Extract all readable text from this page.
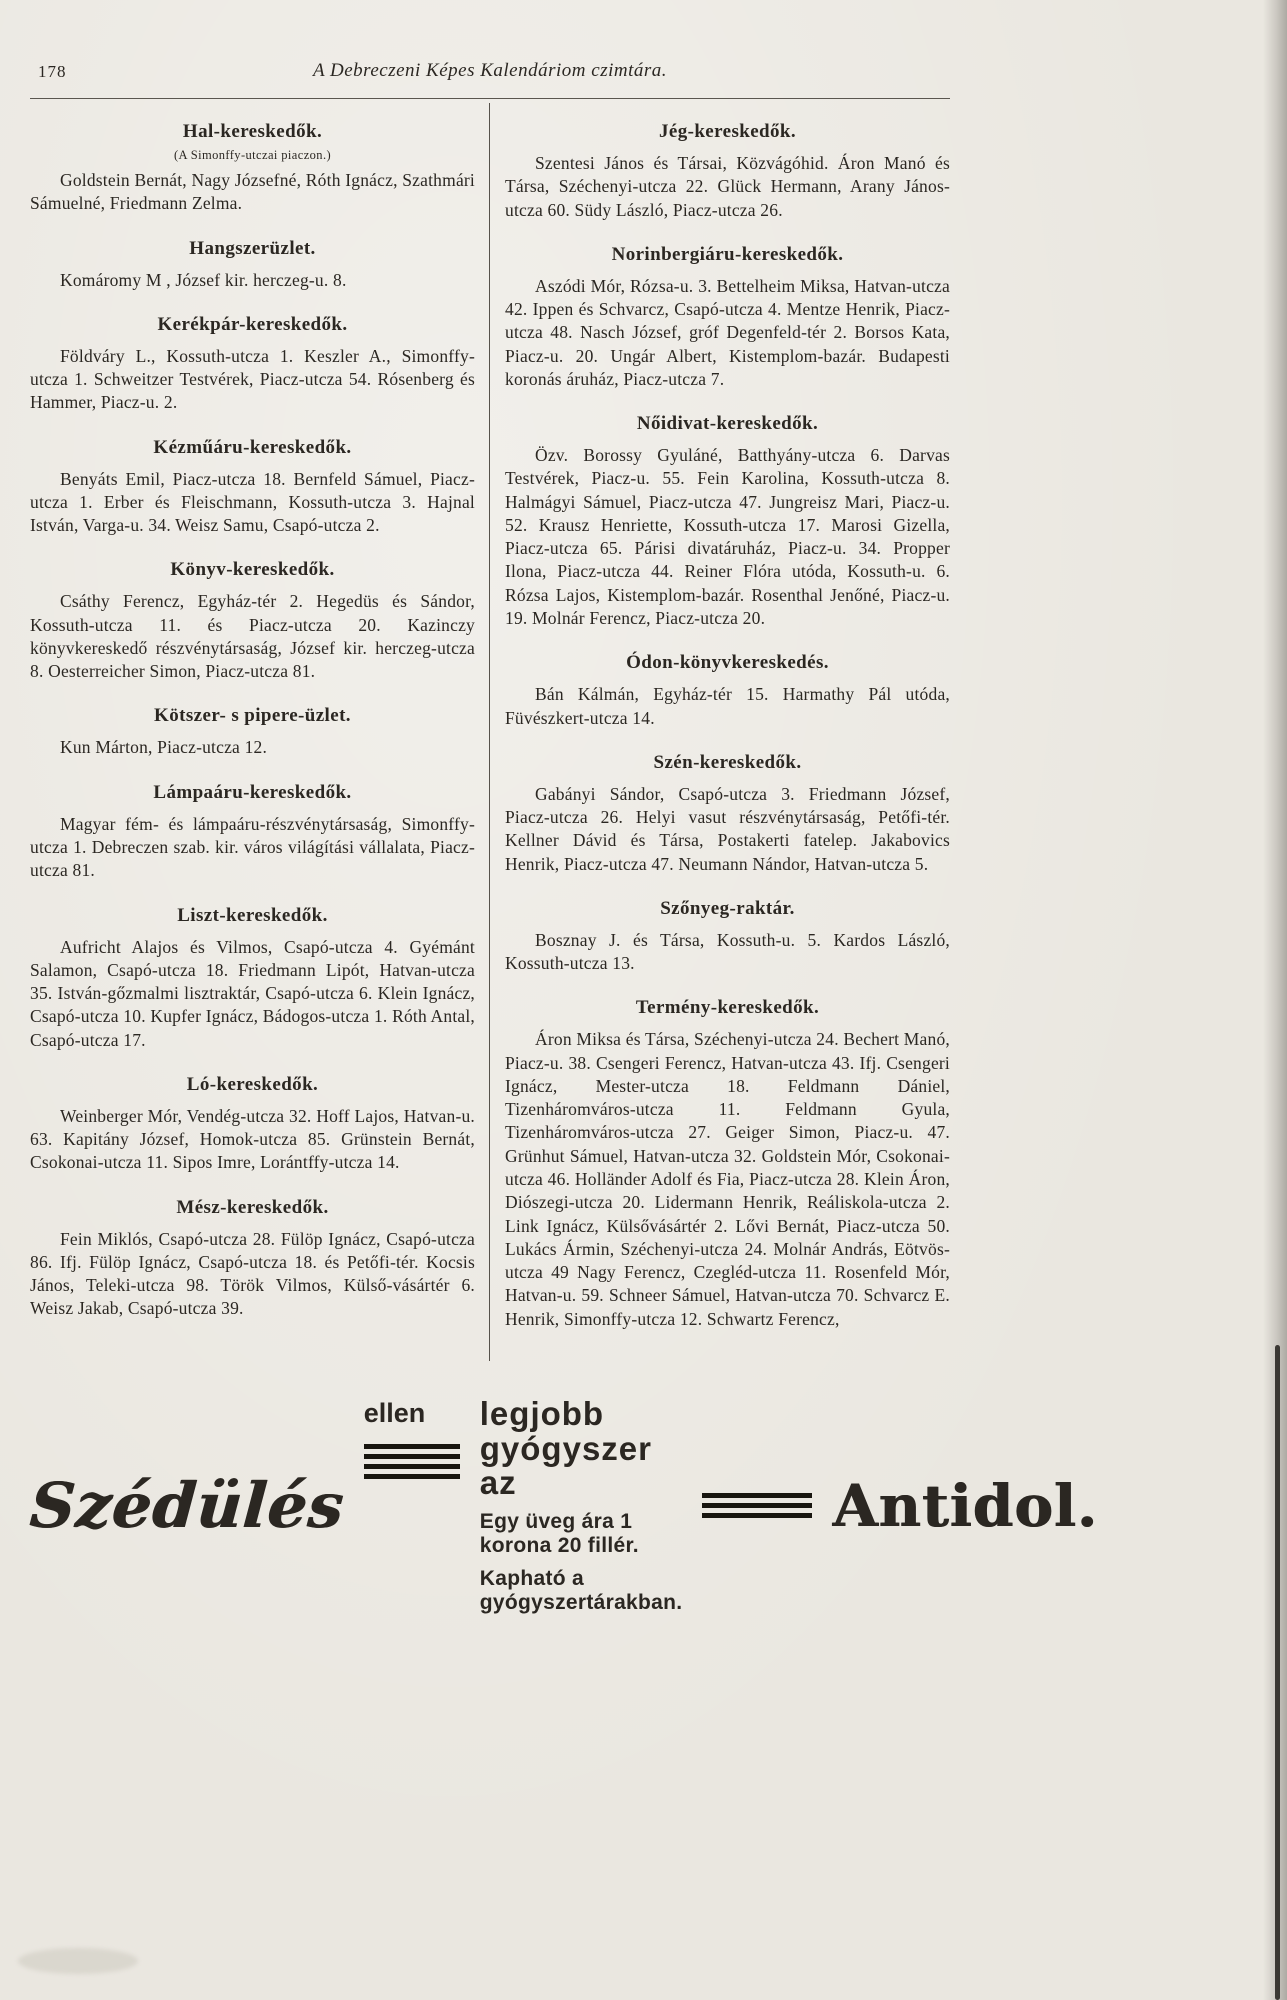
178	A Debreczeni Képes Kalendáriom czimtára.
Hal-kereskedők.
(A Simonffy-utczai piaczon.)

Goldstein Bernát, Nagy Józsefné, Róth Ignácz, Szathmári Sámuelné, Friedmann Zelma.

Hangszerüzlet.

Komáromy M , József kir. herczeg-u. 8.

Kerékpár-kereskedők.

Földváry L., Kossuth-utcza 1. Keszler A., Simonffy-utcza 1. Schweitzer Testvérek, Piacz-utcza 54. Rósenberg és Hammer, Piacz-u. 2.

Kézműáru-kereskedők.

Benyáts Emil, Piacz-utcza 18. Bernfeld Sámuel, Piacz-utcza 1. Erber és Fleischmann, Kossuth-utcza 3. Hajnal István, Varga-u. 34. Weisz Samu, Csapó-utcza 2.

Könyv-kereskedők.

Csáthy Ferencz, Egyház-tér 2. Hegedüs és Sándor, Kossuth-utcza 11. és Piacz-utcza 20. Kazinczy könyvkereskedő részvénytársaság, József kir. herczeg-utcza 8. Oesterreicher Simon, Piacz-utcza 81.

Kötszer- s pipere-üzlet.

Kun Márton, Piacz-utcza 12.

Lámpaáru-kereskedők.

Magyar fém- és lámpaáru-részvénytársaság, Simonffy-utcza 1. Debreczen szab. kir. város világítási vállalata, Piacz-utcza 81.

Liszt-kereskedők.

Aufricht Alajos és Vilmos, Csapó-utcza 4. Gyémánt Salamon, Csapó-utcza 18. Friedmann Lipót, Hatvan-utcza 35. István-gőzmalmi lisztraktár, Csapó-utcza 6. Klein Ignácz, Csapó-utcza 10. Kupfer Ignácz, Bádogos-utcza 1. Róth Antal, Csapó-utcza 17.

Ló-kereskedők.

Weinberger Mór, Vendég-utcza 32. Hoff Lajos, Hatvan-u. 63. Kapitány József, Homok-utcza 85. Grünstein Bernát, Csokonai-utcza 11. Sipos Imre, Lorántffy-utcza 14.

Mész-kereskedők.

Fein Miklós, Csapó-utcza 28. Fülöp Ignácz, Csapó-utcza 86. Ifj. Fülöp Ignácz, Csapó-utcza 18. és Petőfi-tér. Kocsis János, Teleki-utcza 98. Török Vilmos, Külső-vásártér 6. Weisz Jakab, Csapó-utcza 39.

Jég-kereskedők.

Szentesi János és Társai, Közvágóhid. Áron Manó és Társa, Széchenyi-utcza 22. Glück Hermann, Arany János-utcza 60. Südy László, Piacz-utcza 26.

Norinbergiáru-kereskedők.

Aszódi Mór, Rózsa-u. 3. Bettelheim Miksa, Hatvan-utcza 42. Ippen és Schvarcz, Csapó-utcza 4. Mentze Henrik, Piacz-utcza 48. Nasch József, gróf Degenfeld-tér 2. Borsos Kata, Piacz-u. 20. Ungár Albert, Kistemplom-bazár. Budapesti koronás áruház, Piacz-utcza 7.

Nőidivat-kereskedők.

Özv. Borossy Gyuláné, Batthyány-utcza 6. Darvas Testvérek, Piacz-u. 55. Fein Karolina, Kossuth-utcza 8. Halmágyi Sámuel, Piacz-utcza 47. Jungreisz Mari, Piacz-u. 52. Krausz Henriette, Kossuth-utcza 17. Marosi Gizella, Piacz-utcza 65. Párisi divatáruház, Piacz-u. 34. Propper Ilona, Piacz-utcza 44. Reiner Flóra utóda, Kossuth-u. 6. Rózsa Lajos, Kistemplom-bazár. Rosenthal Jenőné, Piacz-u. 19. Molnár Ferencz, Piacz-utcza 20.

Ódon-könyvkereskedés.

Bán Kálmán, Egyház-tér 15. Harmathy Pál utóda, Füvészkert-utcza 14.

Szén-kereskedők.

Gabányi Sándor, Csapó-utcza 3. Friedmann József, Piacz-utcza 26. Helyi vasut részvénytársaság, Petőfi-tér. Kellner Dávid és Társa, Postakerti fatelep. Jakabovics Henrik, Piacz-utcza 47. Neumann Nándor, Hatvan-utcza 5.

Szőnyeg-raktár.

Bosznay J. és Társa, Kossuth-u. 5. Kardos László, Kossuth-utcza 13.

Termény-kereskedők.

Áron Miksa és Társa, Széchenyi-utcza 24. Bechert Manó, Piacz-u. 38. Csengeri Ferencz, Hatvan-utcza 43. Ifj. Csengeri Ignácz, Mester-utcza 18. Feldmann Dániel, Tizenháromváros-utcza 11. Feldmann Gyula, Tizenháromváros-utcza 27. Geiger Simon, Piacz-u. 47. Grünhut Sámuel, Hatvan-utcza 32. Goldstein Mór, Csokonai-utcza 46. Holländer Adolf és Fia, Piacz-utcza 28. Klein Áron, Diószegi-utcza 20. Lidermann Henrik, Reáliskola-utcza 2. Link Ignácz, Külsővásártér 2. Lővi Bernát, Piacz-utcza 50. Lukács Ármin, Széchenyi-utcza 24. Molnár András, Eötvös-utcza 49 Nagy Ferencz, Czegléd-utcza 11. Rosenfeld Mór, Hatvan-u. 59. Schneer Sámuel, Hatvan-utcza 70. Schvarcz E. Henrik, Simonffy-utcza 12. Schwartz Ferencz,

Szédülés
ellen	legjobb gyógyszer az
Egy üveg ára 1 korona 20 fillér.
Kapható a gyógyszertárakban.
Antidol.
